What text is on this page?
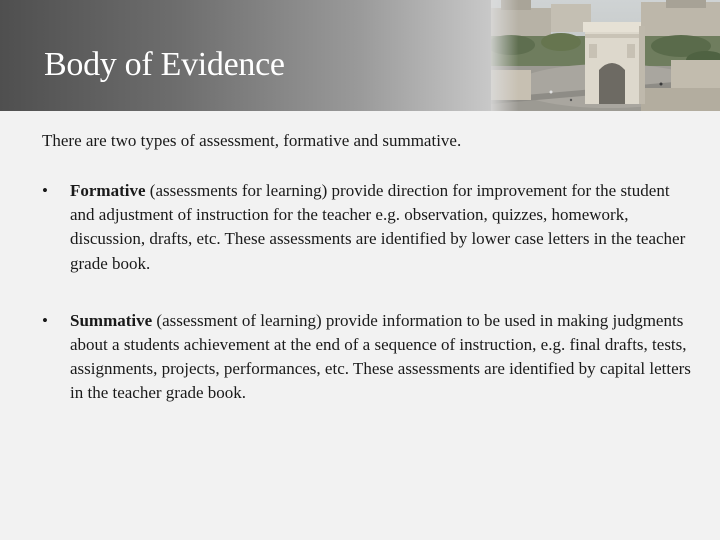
Body of Evidence

There are two types of assessment, formative and summative.

• Formative (assessments for learning) provide direction for improvement for the student and adjustment of instruction for the teacher e.g. observation, quizzes, homework, discussion, drafts, etc. These assessments are identified by lower case letters in the teacher grade book.
• Summative (assessment of learning) provide information to be used in making judgments about a students achievement at the end of a sequence of instruction, e.g. final drafts, tests, assignments, projects, performances, etc. These assessments are identified by capital letters in the teacher grade book.
